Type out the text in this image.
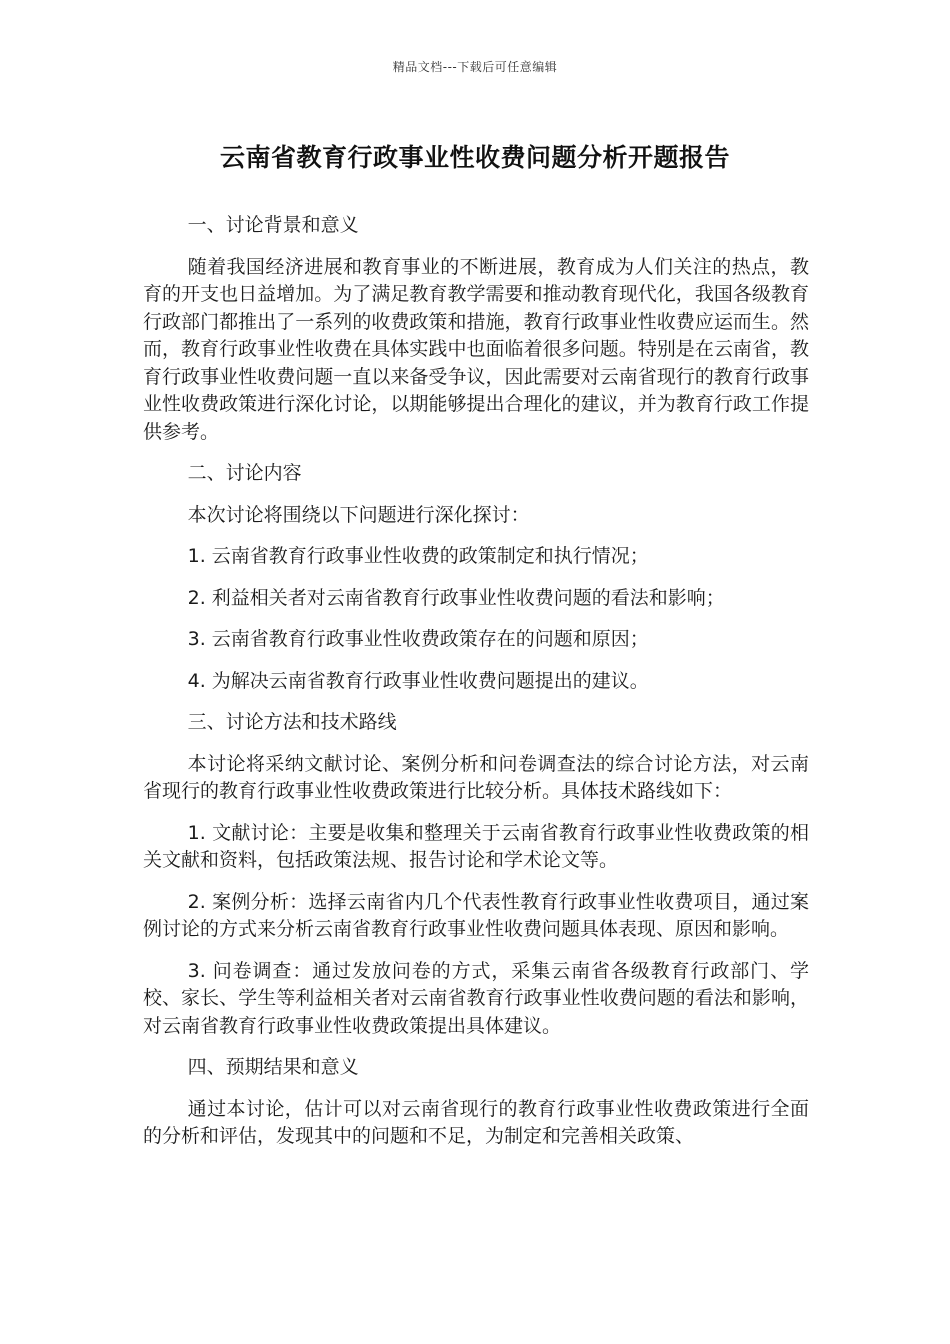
精品文档---下载后可任意编辑
云南省教育行政事业性收费问题分析开题报告

一、讨论背景和意义

随着我国经济进展和教育事业的不断进展，教育成为人们关注的热点，教育的开支也日益增加。为了满足教育教学需要和推动教育现代化，我国各级教育行政部门都推出了一系列的收费政策和措施，教育行政事业性收费应运而生。然而，教育行政事业性收费在具体实践中也面临着很多问题。特别是在云南省，教育行政事业性收费问题一直以来备受争议，因此需要对云南省现行的教育行政事业性收费政策进行深化讨论，以期能够提出合理化的建议，并为教育行政工作提供参考。

二、讨论内容

本次讨论将围绕以下问题进行深化探讨：

1. 云南省教育行政事业性收费的政策制定和执行情况；

2. 利益相关者对云南省教育行政事业性收费问题的看法和影响；

3. 云南省教育行政事业性收费政策存在的问题和原因；

4. 为解决云南省教育行政事业性收费问题提出的建议。

三、讨论方法和技术路线

本讨论将采纳文献讨论、案例分析和问卷调查法的综合讨论方法，对云南省现行的教育行政事业性收费政策进行比较分析。具体技术路线如下：

1. 文献讨论：主要是收集和整理关于云南省教育行政事业性收费政策的相关文献和资料，包括政策法规、报告讨论和学术论文等。

2. 案例分析：选择云南省内几个代表性教育行政事业性收费项目，通过案例讨论的方式来分析云南省教育行政事业性收费问题具体表现、原因和影响。

3. 问卷调查：通过发放问卷的方式，采集云南省各级教育行政部门、学校、家长、学生等利益相关者对云南省教育行政事业性收费问题的看法和影响，对云南省教育行政事业性收费政策提出具体建议。

四、预期结果和意义

通过本讨论，估计可以对云南省现行的教育行政事业性收费政策进行全面的分析和评估，发现其中的问题和不足，为制定和完善相关政策、
